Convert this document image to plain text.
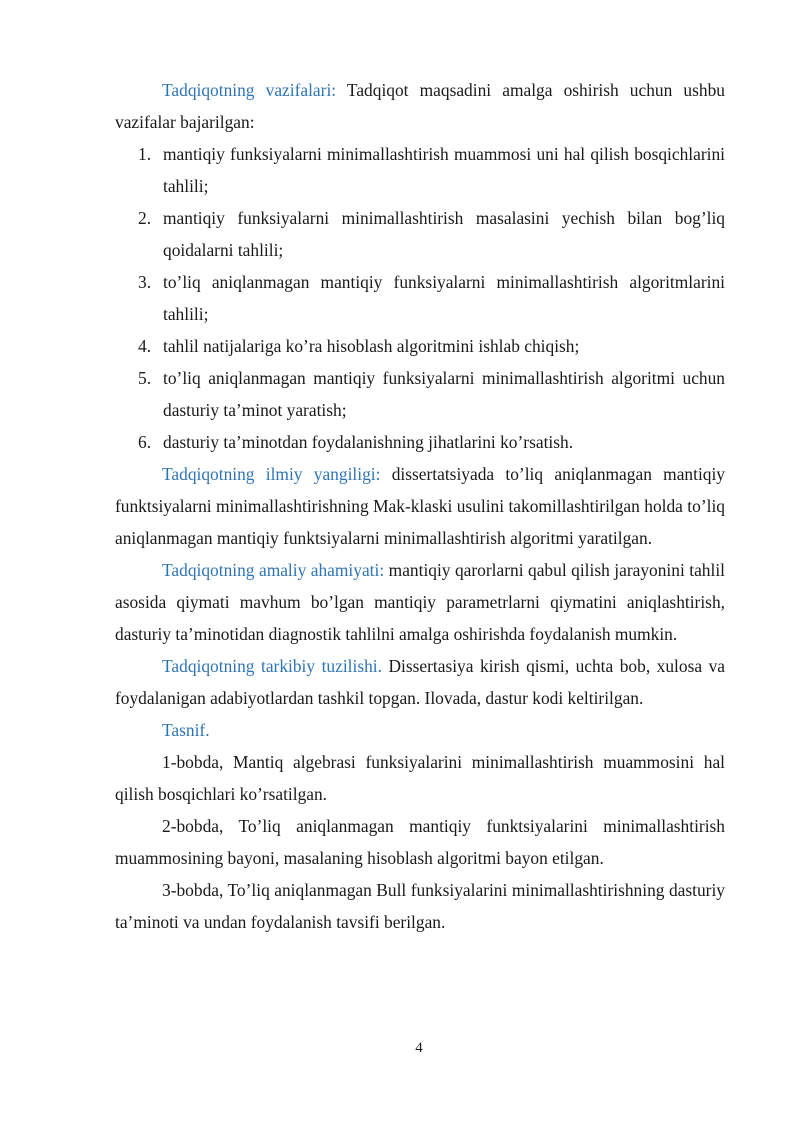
Tadqiqotning vazifalari: Tadqiqot maqsadini amalga oshirish uchun ushbu vazifalar bajarilgan:

1. mantiqiy funksiyalarni minimallashtirish muammosi uni hal qilish bosqichlarini tahlili;
2. mantiqiy funksiyalarni minimallashtirish masalasini yechish bilan bog’liq qoidalarni tahlili;
3. to’liq aniqlanmagan mantiqiy funksiyalarni minimallashtirish algoritmlarini tahlili;
4. tahlil natijalariga ko’ra hisoblash algoritmini ishlab chiqish;
5. to’liq aniqlanmagan mantiqiy funksiyalarni minimallashtirish algoritmi uchun dasturiy ta’minot yaratish;
6. dasturiy ta’minotdan foydalanishning jihatlarini ko’rsatish.

Tadqiqotning ilmiy yangiligi: dissertatsiyada to’liq aniqlanmagan mantiqiy funktsiyalarni minimallashtirishning Mak-klaski usulini takomillashtirilgan holda to’liq aniqlanmagan mantiqiy funktsiyalarni minimallashtirish algoritmi yaratilgan.

Tadqiqotning amaliy ahamiyati: mantiqiy qarorlarni qabul qilish jarayonini tahlil asosida qiymati mavhum bo’lgan mantiqiy parametrlarni qiymatini aniqlashtirish, dasturiy ta’minotidan diagnostik tahlilni amalga oshirishda foydalanish mumkin.

Tadqiqotning tarkibiy tuzilishi. Dissertasiya kirish qismi, uchta bob, xulosa va foydalanigan adabiyotlardan tashkil topgan. Ilovada, dastur kodi keltirilgan.

Tasnif.

1-bobda, Mantiq algebrasi funksiyalarini minimallashtirish muammosini hal qilish bosqichlari ko’rsatilgan.

2-bobda, To’liq aniqlanmagan mantiqiy funktsiyalarini minimallashtirish muammosining bayoni, masalaning hisoblash algoritmi bayon etilgan.

3-bobda, To’liq aniqlanmagan Bull funksiyalarini minimallashtirishning dasturiy ta’minoti va undan foydalanish tavsifi berilgan.

4
